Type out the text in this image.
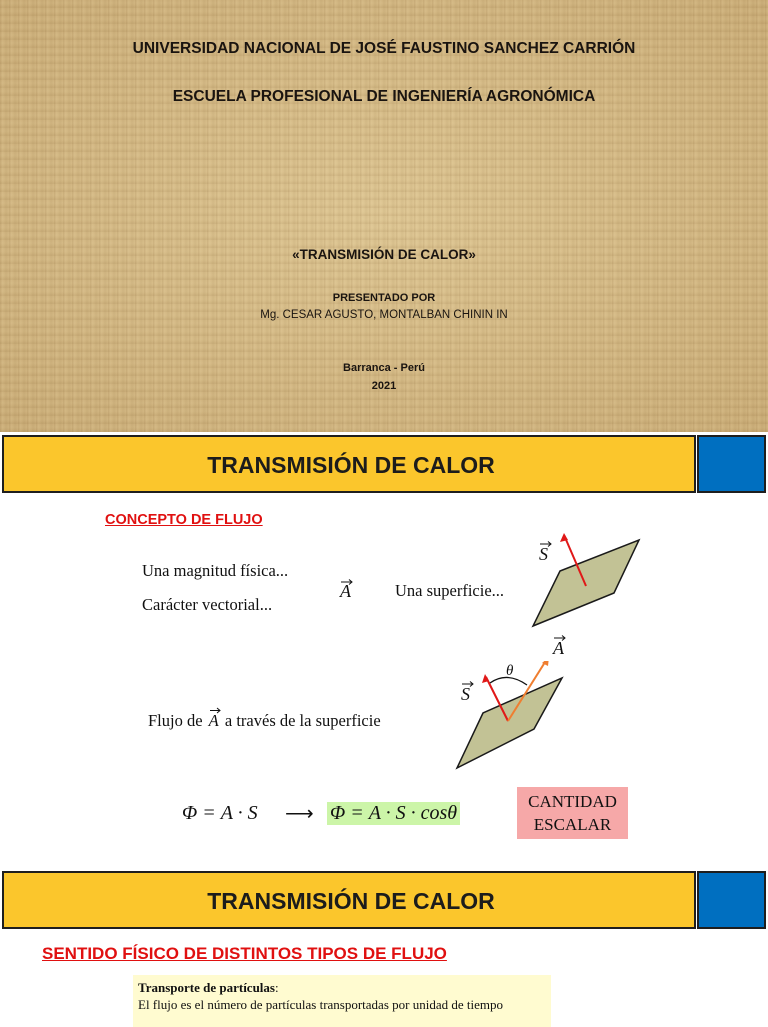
UNIVERSIDAD NACIONAL DE JOSÉ FAUSTINO SANCHEZ CARRIÓN
ESCUELA PROFESIONAL DE INGENIERÍA AGRONÓMICA
«TRANSMISIÓN DE CALOR»
PRESENTADO POR
Mg. CESAR AGUSTO, MONTALBAN CHININ IN
Barranca - Perú
2021
TRANSMISIÓN DE CALOR
CONCEPTO DE FLUJO
Una magnitud física...
Carácter vectorial...
A	Una superficie...
S
θ
A
S
Flujo de A a través de la superficie
Φ = A · S ⟶ Φ = A · S · cosθ
CANTIDAD
ESCALAR
TRANSMISIÓN DE CALOR
SENTIDO FÍSICO DE DISTINTOS TIPOS DE FLUJO
Transporte de partículas:
El flujo es el número de partículas transportadas por unidad de tiempo
